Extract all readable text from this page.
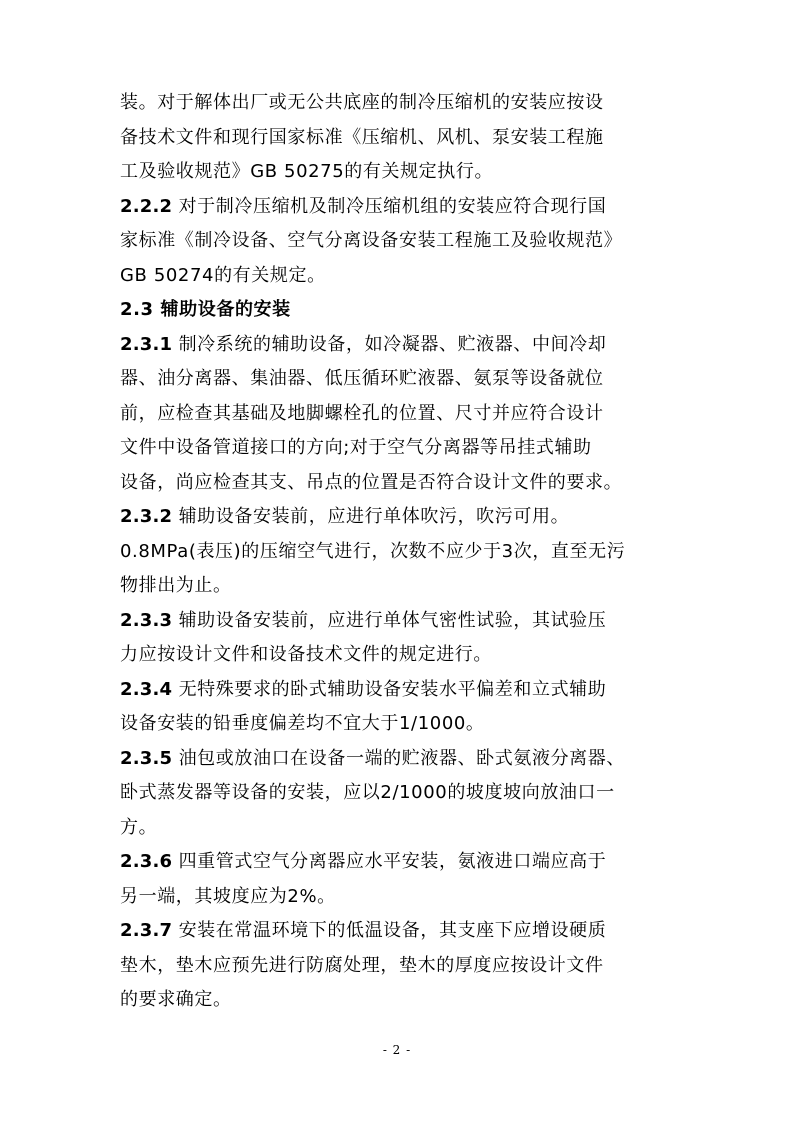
装。对于解体出厂或无公共底座的制冷压缩机的安装应按设
备技术文件和现行国家标准《压缩机、风机、泵安装工程施
工及验收规范》GB 50275的有关规定执行。
2.2.2 对于制冷压缩机及制冷压缩机组的安装应符合现行国
家标准《制冷设备、空气分离设备安装工程施工及验收规范》
GB 50274的有关规定。
2.3 辅助设备的安装
2.3.1 制冷系统的辅助设备，如冷凝器、贮液器、中间冷却
器、油分离器、集油器、低压循环贮液器、氨泵等设备就位
前，应检查其基础及地脚螺栓孔的位置、尺寸并应符合设计
文件中设备管道接口的方向;对于空气分离器等吊挂式辅助
设备，尚应检查其支、吊点的位置是否符合设计文件的要求。
2.3.2 辅助设备安装前，应进行单体吹污，吹污可用。
0.8MPa(表压)的压缩空气进行，次数不应少于3次，直至无污
物排出为止。
2.3.3 辅助设备安装前，应进行单体气密性试验，其试验压
力应按设计文件和设备技术文件的规定进行。
2.3.4 无特殊要求的卧式辅助设备安装水平偏差和立式辅助
设备安装的铅垂度偏差均不宜大于1/1000。
2.3.5 油包或放油口在设备一端的贮液器、卧式氨液分离器、
卧式蒸发器等设备的安装，应以2/1000的坡度坡向放油口一
方。
2.3.6 四重管式空气分离器应水平安装，氨液进口端应高于
另一端，其坡度应为2%。
2.3.7 安装在常温环境下的低温设备，其支座下应增设硬质
垫木，垫木应预先进行防腐处理，垫木的厚度应按设计文件
的要求确定。
- 2 -
